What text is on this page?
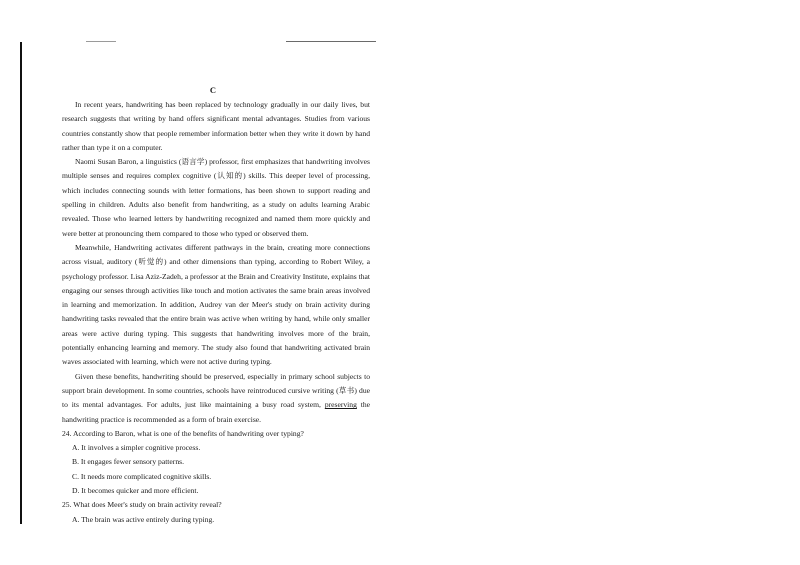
C

In recent years, handwriting has been replaced by technology gradually in our daily lives, but research suggests that writing by hand offers significant mental advantages. Studies from various countries constantly show that people remember information better when they write it down by hand rather than type it on a computer.

Naomi Susan Baron, a linguistics (语言学) professor, first emphasizes that handwriting involves multiple senses and requires complex cognitive (认知的) skills. This deeper level of processing, which includes connecting sounds with letter formations, has been shown to support reading and spelling in children. Adults also benefit from handwriting, as a study on adults learning Arabic revealed. Those who learned letters by handwriting recognized and named them more quickly and were better at pronouncing them compared to those who typed or observed them.

Meanwhile, Handwriting activates different pathways in the brain, creating more connections across visual, auditory (听觉的) and other dimensions than typing, according to Robert Wiley, a psychology professor. Lisa Aziz-Zadeh, a professor at the Brain and Creativity Institute, explains that engaging our senses through activities like touch and motion activates the same brain areas involved in learning and memorization. In addition, Audrey van der Meer's study on brain activity during handwriting tasks revealed that the entire brain was active when writing by hand, while only smaller areas were active during typing. This suggests that handwriting involves more of the brain, potentially enhancing learning and memory. The study also found that handwriting activated brain waves associated with learning, which were not active during typing.

Given these benefits, handwriting should be preserved, especially in primary school subjects to support brain development. In some countries, schools have reintroduced cursive writing (草书) due to its mental advantages. For adults, just like maintaining a busy road system, preserving the handwriting practice is recommended as a form of brain exercise.

24. According to Baron, what is one of the benefits of handwriting over typing?

A. It involves a simpler cognitive process.

B. It engages fewer sensory patterns.

C. It needs more complicated cognitive skills.

D. It becomes quicker and more efficient.

25. What does Meer's study on brain activity reveal?

A. The brain was active entirely during typing.
